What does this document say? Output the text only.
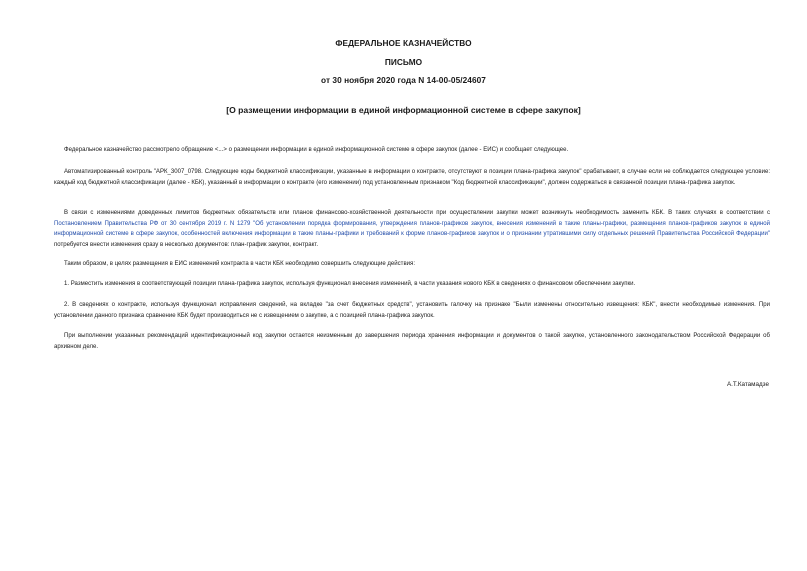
ФЕДЕРАЛЬНОЕ КАЗНАЧЕЙСТВО
ПИСЬМО
от 30 ноября 2020 года N 14-00-05/24607
[О размещении информации в единой информационной системе в сфере закупок]
Федеральное казначейство рассмотрело обращение <...> о размещении информации в единой информационной системе в сфере закупок (далее - ЕИС) и сообщает следующее.
Автоматизированный контроль "АРК_3007_0798. Следующие коды бюджетной классификации, указанные в информации о контракте, отсутствуют в позиции плана-графика закупок" срабатывает, в случае если не соблюдается следующее условие: каждый код бюджетной классификации (далее - КБК), указанный в информации о контракте (его изменении) под установленным признаком "Код бюджетной классификации", должен содержаться в связанной позиции плана-графика закупок.
В связи с изменениями доведенных лимитов бюджетных обязательств или планов финансово-хозяйственной деятельности при осуществлении закупки может возникнуть необходимость заменить КБК. В таких случаях в соответствии с Постановлением Правительства РФ от 30 сентября 2019 г. N 1279 "Об установлении порядка формирования, утверждения планов-графиков закупок, внесения изменений в такие планы-графики, размещения планов-графиков закупок в единой информационной системе в сфере закупок, особенностей включения информации в такие планы-графики и требований к форме планов-графиков закупок и о признании утратившими силу отдельных решений Правительства Российской Федерации" потребуется внести изменения сразу в несколько документов: план-график закупки, контракт.
Таким образом, в целях размещения в ЕИС изменений контракта в части КБК необходимо совершить следующие действия:
1. Разместить изменения в соответствующей позиции плана-графика закупок, используя функционал внесения изменений, в части указания нового КБК в сведениях о финансовом обеспечении закупки.
2. В сведениях о контракте, используя функционал исправления сведений, на вкладке "за счет бюджетных средств", установить галочку на признаке "Были изменены относительно извещения: КБК", внести необходимые изменения. При установлении данного признака сравнение КБК будет производиться не с извещением о закупке, а с позицией плана-графика закупок.
При выполнении указанных рекомендаций идентификационный код закупки остается неизменным до завершения периода хранения информации и документов о такой закупке, установленного законодательством Российской Федерации об архивном деле.
А.Т.Катамадзе
